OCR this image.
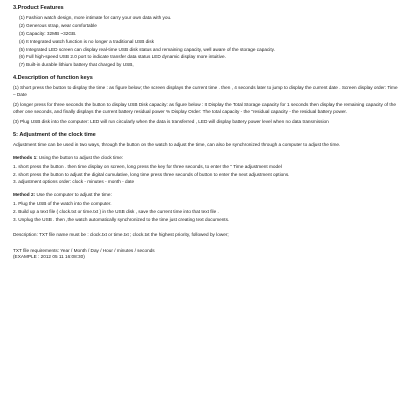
3.Product Features
(1) Fashion watch design, more intimate for carry your own data with you.
(2) Generous strap, wear comfortable
(3) Capacity: 32MB ~32GB.
(4) It Integrated watch function is no longer a traditional USB disk
(5) Integrated LED screen can display real-time USB disk status and remaining capacity, well aware of the storage capacity.
(6) Full high-speed USB 2.0 port to indicate transfer data status LED dynamic display more intuitive.
(7) Built-in durable lithium battery that charged by USB,
4.Description of function keys

(1) Short press the button to display the time : as figure below; the screen displays the current time . then , 4 seconds later to jump to display the current date . Screen display order: Time – Date

(2) longer press for three seconds the button to display USB Disk capacity: as figure below : It Display the Total Storage capacity for 1 seconds then display the remaining capacity of the other one seconds, and finally displays the current battery residual power % Display Order: The total capacity - the "residual capacity - the residual battery power.

(3) Plug USB disk into the computer: LED will run circularly when the data is transferred , LED will display battery power level when no data transmission

5: Adjustment of the clock time

Adjustment time can be used in two ways, through the button on the watch to adjust the time, can also be synchronized through a computer to adjust the time.

Methods 1: Using the button to adjust the clock time:
1. short press the button . then time display on screen, long press the key for three seconds, to enter the " Time adjustment model
2. short press the button to adjust the digital cumulative, long time press three seconds of button to enter the next adjustment options.
3. adjustment options order: clock - minutes - month - date
Method 2: Use the computer to adjust the time:
1. Plug the USB of the watch into the computer.
2. Build up a text file ( clock.txt or time.txt ) in the USB disk , save the current time into that text file .
3. Unplug the USB . then ,the watch automatically synchronized to the time just creating text documents.

Description: TXT file name must be : clock.txt or time.txt ; clock.txt the highest priority, followed by lower;

TXT file requirements: Year / Month / Day / Hour / minutes / seconds
(EXAMPLE : 2012 05 11 16:08:30)
